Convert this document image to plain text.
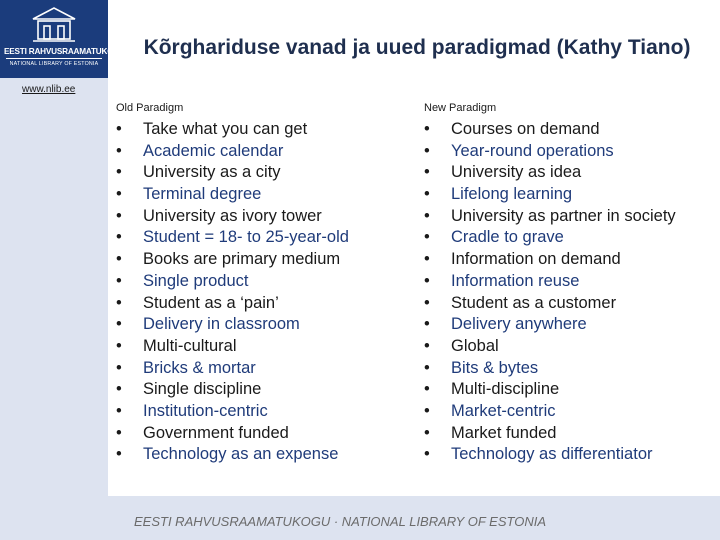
EESTI RAHVUSRAAMATUKOGU
NATIONAL LIBRARY OF ESTONIA
www.nlib.ee
Kõrghariduse vanad ja uued paradigmad (Kathy Tiano)
Old Paradigm
• Take what you can get
• Academic calendar
• University as a city
• Terminal degree
• University as ivory tower
• Student = 18- to 25-year-old
• Books are primary medium
• Single product
• Student as a ‘pain’
• Delivery in classroom
• Multi-cultural
• Bricks & mortar
• Single discipline
• Institution-centric
• Government funded
• Technology as an expense
New Paradigm
• Courses on demand
• Year-round operations
• University as idea
• Lifelong learning
• University as partner in society
• Cradle to grave
• Information on demand
• Information reuse
• Student as a customer
• Delivery anywhere
• Global
• Bits & bytes
• Multi-discipline
• Market-centric
• Market funded
• Technology as differentiator
EESTI RAHVUSRAAMATUKOGU · NATIONAL LIBRARY OF ESTONIA
